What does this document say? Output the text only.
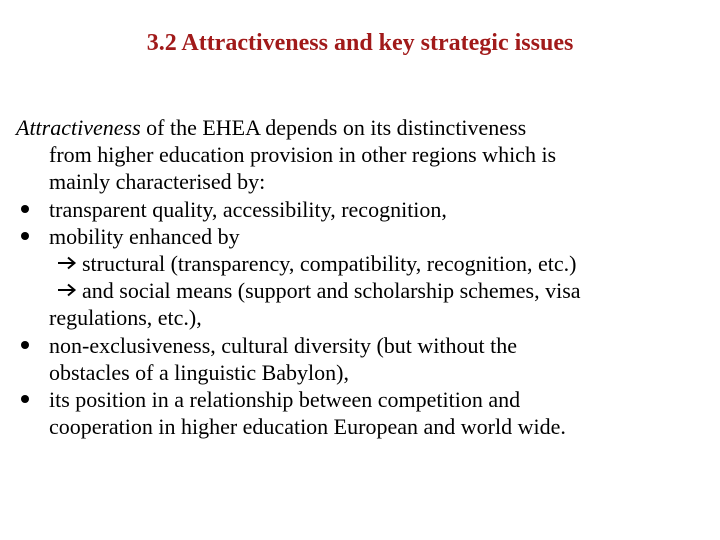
3.2 Attractiveness and key strategic issues
Attractiveness of the EHEA depends on its distinctiveness
from higher education provision in other regions which is
mainly characterised by:
transparent quality, accessibility, recognition,
mobility enhanced by
structural (transparency, compatibility, recognition, etc.)
and social means (support and scholarship schemes, visa
regulations, etc.),
non-exclusiveness, cultural diversity (but without the
obstacles of a linguistic Babylon),
its position in a relationship between competition and
cooperation in higher education European and world wide.
